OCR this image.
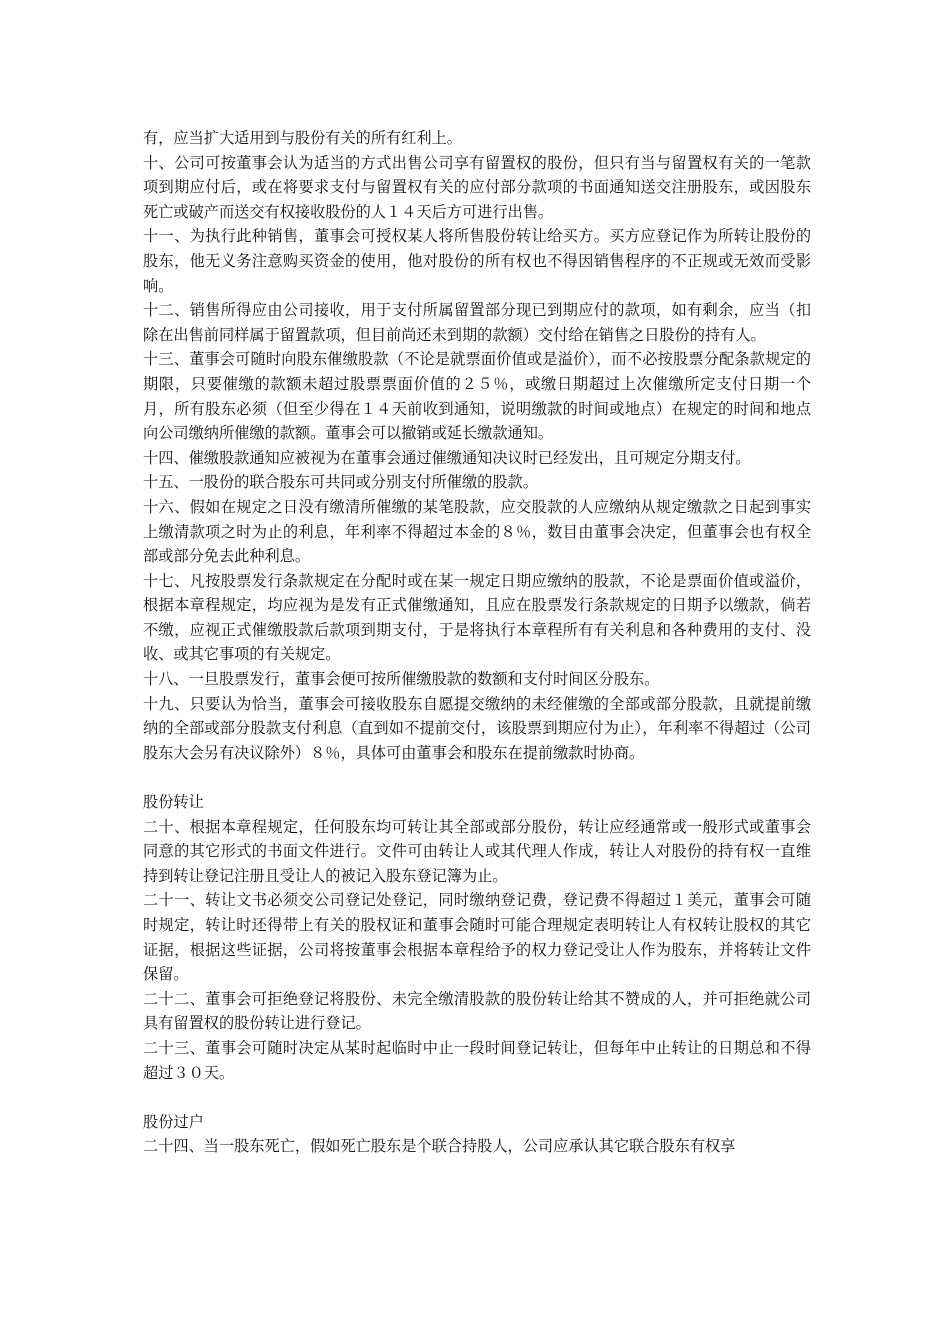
有，应当扩大适用到与股份有关的所有红利上。

十、公司可按董事会认为适当的方式出售公司享有留置权的股份，但只有当与留置权有关的一笔款项到期应付后，或在将要求支付与留置权有关的应付部分款项的书面通知送交注册股东，或因股东死亡或破产而送交有权接收股份的人１４天后方可进行出售。

十一、为执行此种销售，董事会可授权某人将所售股份转让给买方。买方应登记作为所转让股份的股东，他无义务注意购买资金的使用，他对股份的所有权也不得因销售程序的不正规或无效而受影响。

十二、销售所得应由公司接收，用于支付所属留置部分现已到期应付的款项，如有剩余，应当（扣除在出售前同样属于留置款项，但目前尚还未到期的款额）交付给在销售之日股份的持有人。

十三、董事会可随时向股东催缴股款（不论是就票面价值或是溢价），而不必按股票分配条款规定的期限，只要催缴的款额未超过股票票面价值的２５％，或缴日期超过上次催缴所定支付日期一个月，所有股东必须（但至少得在１４天前收到通知，说明缴款的时间或地点）在规定的时间和地点向公司缴纳所催缴的款额。董事会可以撤销或延长缴款通知。

十四、催缴股款通知应被视为在董事会通过催缴通知决议时已经发出，且可规定分期支付。

十五、一股份的联合股东可共同或分别支付所催缴的股款。

十六、假如在规定之日没有缴清所催缴的某笔股款，应交股款的人应缴纳从规定缴款之日起到事实上缴清款项之时为止的利息，年利率不得超过本金的８％，数目由董事会决定，但董事会也有权全部或部分免去此种利息。

十七、凡按股票发行条款规定在分配时或在某一规定日期应缴纳的股款，不论是票面价值或溢价，根据本章程规定，均应视为是发有正式催缴通知，且应在股票发行条款规定的日期予以缴款，倘若不缴，应视正式催缴股款后款项到期支付，于是将执行本章程所有有关利息和各种费用的支付、没收、或其它事项的有关规定。

十八、一旦股票发行，董事会便可按所催缴股款的数额和支付时间区分股东。

十九、只要认为恰当，董事会可接收股东自愿提交缴纳的未经催缴的全部或部分股款，且就提前缴纳的全部或部分股款支付利息（直到如不提前交付，该股票到期应付为止），年利率不得超过（公司股东大会另有决议除外）８％，具体可由董事会和股东在提前缴款时协商。

股份转让

二十、根据本章程规定，任何股东均可转让其全部或部分股份，转让应经通常或一般形式或董事会同意的其它形式的书面文件进行。文件可由转让人或其代理人作成，转让人对股份的持有权一直维持到转让登记注册且受让人的被记入股东登记簿为止。

二十一、转让文书必须交公司登记处登记，同时缴纳登记费，登记费不得超过１美元，董事会可随时规定，转让时还得带上有关的股权证和董事会随时可能合理规定表明转让人有权转让股权的其它证据，根据这些证据，公司将按董事会根据本章程给予的权力登记受让人作为股东，并将转让文件保留。

二十二、董事会可拒绝登记将股份、未完全缴清股款的股份转让给其不赞成的人，并可拒绝就公司具有留置权的股份转让进行登记。

二十三、董事会可随时决定从某时起临时中止一段时间登记转让，但每年中止转让的日期总和不得超过３０天。

股份过户

二十四、当一股东死亡，假如死亡股东是个联合持股人，公司应承认其它联合股东有权享
